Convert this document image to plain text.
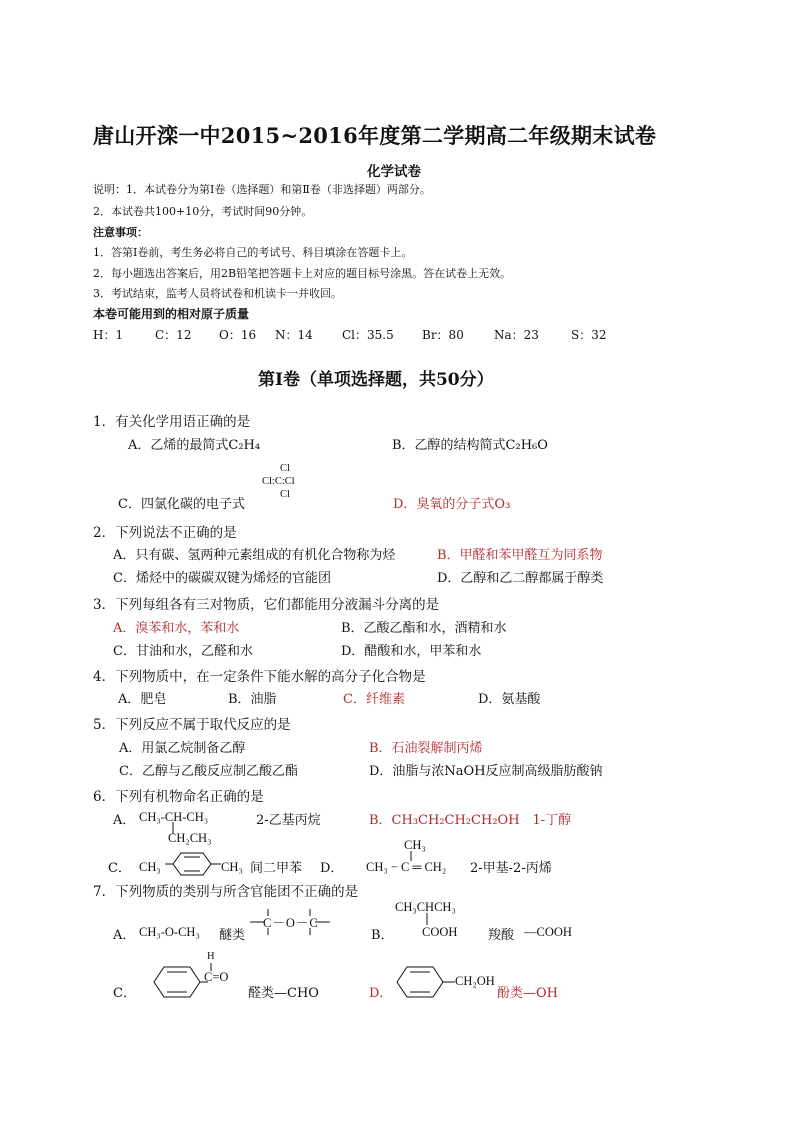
唐山开滦一中2015~2016年度第二学期高二年级期末试卷
化学试卷
说明：1．本试卷分为第Ⅰ卷（选择题）和第Ⅱ卷（非选择题）两部分。
2．本试卷共100+10分，考试时间90分钟。
注意事项：
1．答第Ⅰ卷前，考生务必将自己的考试号、科目填涂在答题卡上。
2．每小题选出答案后，用2B铅笔把答题卡上对应的题目标号涂黑。答在试卷上无效。
3．考试结束，监考人员将试卷和机读卡一并收回。
本卷可能用到的相对原子质量
H：1	C：12 O：16 N：14 Cl：35.5 Br：80	Na：23	S：32
第Ⅰ卷（单项选择题，共50分）
1．有关化学用语正确的是
A．乙烯的最简式C₂H₄	B．乙醇的结构简式C₂H₆O
Cl
Cl:C:Cl
Cl
C．四氯化碳的电子式	D．臭氧的分子式O₃
2．下列说法不正确的是
A．只有碳、氢两种元素组成的有机化合物称为烃	B．甲醛和苯甲醛互为同系物
C．烯烃中的碳碳双键为烯烃的官能团	D．乙醇和乙二醇都属于醇类
3．下列每组各有三对物质，它们都能用分液漏斗分离的是
A．溴苯和水，苯和水	B．乙酸乙酯和水，酒精和水
C．甘油和水，乙醛和水	D．醋酸和水，甲苯和水
4．下列物质中，在一定条件下能水解的高分子化合物是
A．肥皂	B．油脂	C．纤维素	D．氨基酸
5．下列反应不属于取代反应的是
A．用氯乙烷制备乙醇	B．石油裂解制丙烯
C．乙醇与乙酸反应制乙酸乙酯	D．油脂与浓NaOH反应制高级脂肪酸钠
6．下列有机物命名正确的是
A． CH₃-CH-CH₃
CH₂CH₃
2-乙基丙烷	B．CH₃CH₂CH₂CH₂OH　1-丁醇
C． CH₃	CH₃ 间二甲苯 D．
CH₃
CH₃ − C ═ CH₂ 2-甲基-2-丙烯
7．下列物质的类别与所含官能团不正确的是
A． CH₃-O-CH₃ 醚类
C－O－C
B．
CH₃CHCH₃
COOH 羧酸 —COOH
C．
H
C=O
醛类—CHO	D．
CH₂OH
酚类—OH
